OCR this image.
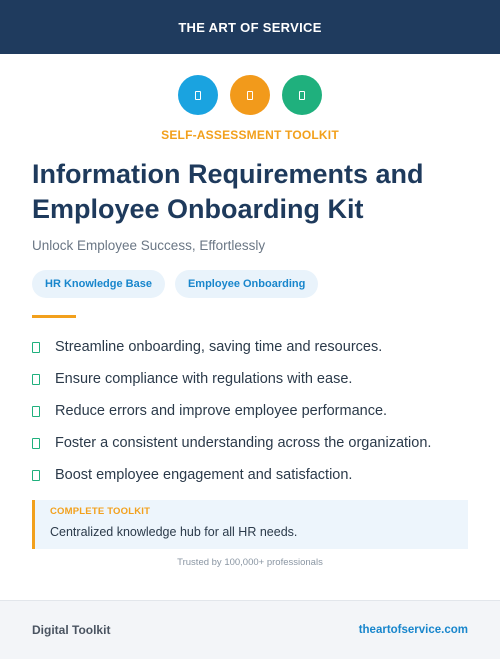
THE ART OF SERVICE
SELF-ASSESSMENT TOOLKIT
Information Requirements and Employee Onboarding Kit

Unlock Employee Success, Effortlessly

HR Knowledge Base	Employee Onboarding
Streamline onboarding, saving time and resources.
Ensure compliance with regulations with ease.
Reduce errors and improve employee performance.
Foster a consistent understanding across the organization.
Boost employee engagement and satisfaction.
COMPLETE TOOLKIT
Centralized knowledge hub for all HR needs.
Trusted by 100,000+ professionals
Digital Toolkit	theartofservice.com
